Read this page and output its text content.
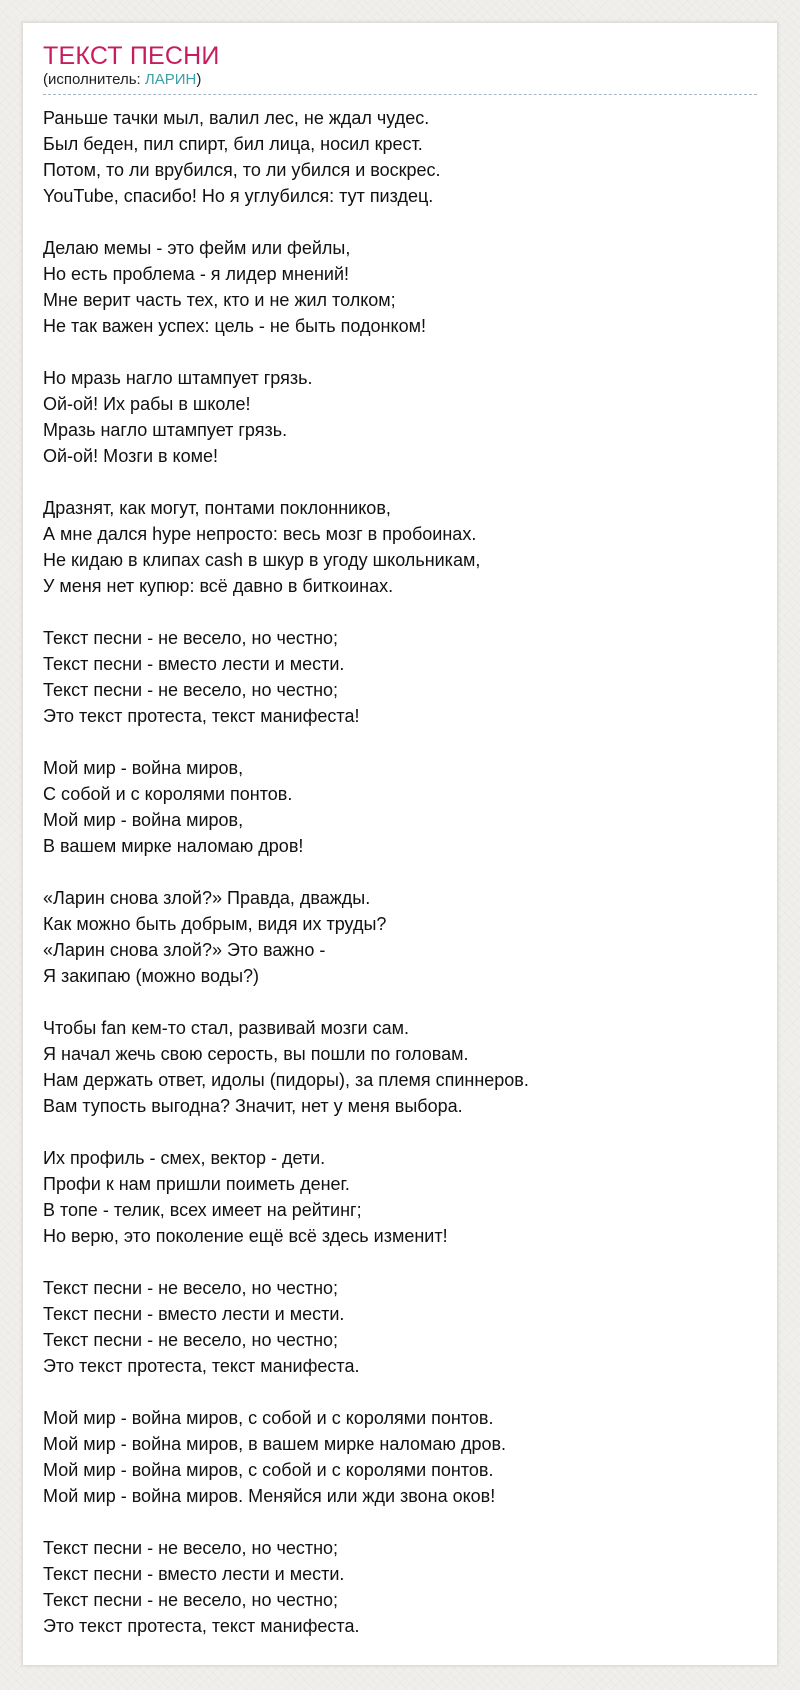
ТЕКСТ ПЕСНИ
(исполнитель: ЛАРИН)
Раньше тачки мыл, валил лес, не ждал чудес.
Был беден, пил спирт, бил лица, носил крест.
Потом, то ли врубился, то ли убился и воскрес.
YouTube, спасибо! Но я углубился: тут пиздец.
Делаю мемы - это фейм или фейлы,
Но есть проблема - я лидер мнений!
Мне верит часть тех, кто и не жил толком;
Не так важен успех: цель - не быть подонком!
Но мразь нагло штампует грязь.
Ой-ой! Их рабы в школе!
Мразь нагло штампует грязь.
Ой-ой! Мозги в коме!
Дразнят, как могут, понтами поклонников,
А мне дался hype непросто: весь мозг в пробоинах.
Не кидаю в клипах cash в шкур в угоду школьникам,
У меня нет купюр: всё давно в биткоинах.
Текст песни - не весело, но честно;
Текст песни - вместо лести и мести.
Текст песни - не весело, но честно;
Это текст протеста, текст манифеста!
Мой мир - война миров,
С собой и с королями понтов.
Мой мир - война миров,
В вашем мирке наломаю дров!
«Ларин снова злой?» Правда, дважды.
Как можно быть добрым, видя их труды?
«Ларин снова злой?» Это важно -
Я закипаю (можно воды?)
Чтобы fan кем-то стал, развивай мозги сам.
Я начал жечь свою серость, вы пошли по головам.
Нам держать ответ, идолы (пидоры), за племя спиннеров.
Вам тупость выгодна? Значит, нет у меня выбора.
Их профиль - смех, вектор - дети.
Профи к нам пришли поиметь денег.
В топе - телик, всех имеет на рейтинг;
Но верю, это поколение ещё всё здесь изменит!
Текст песни - не весело, но честно;
Текст песни - вместо лести и мести.
Текст песни - не весело, но честно;
Это текст протеста, текст манифеста.
Мой мир - война миров, с собой и с королями понтов.
Мой мир - война миров, в вашем мирке наломаю дров.
Мой мир - война миров, с собой и с королями понтов.
Мой мир - война миров. Меняйся или жди звона оков!
Текст песни - не весело, но честно;
Текст песни - вместо лести и мести.
Текст песни - не весело, но честно;
Это текст протеста, текст манифеста.
